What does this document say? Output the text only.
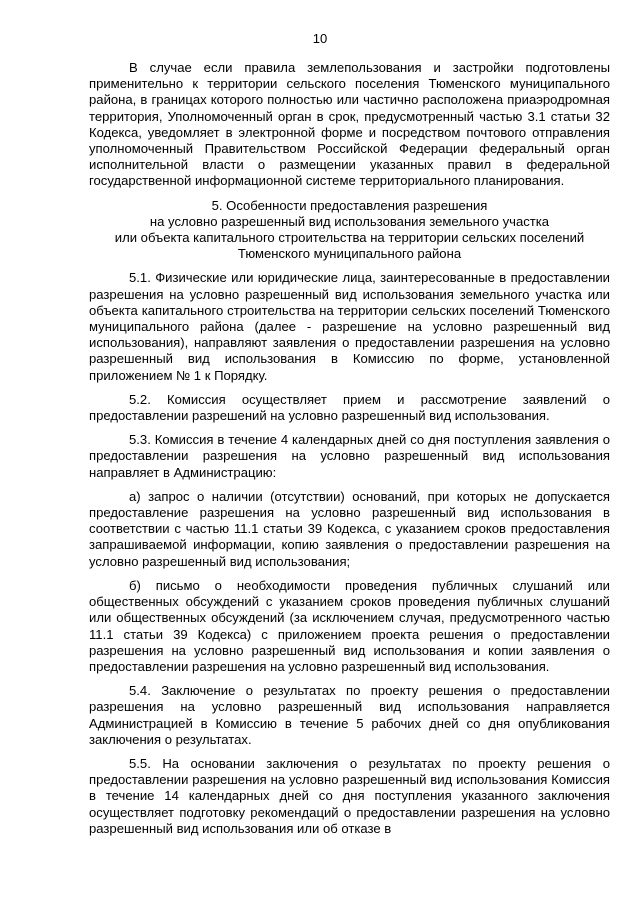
10

В случае если правила землепользования и застройки подготовлены применительно к территории сельского поселения Тюменского муниципального района, в границах которого полностью или частично расположена приаэродромная территория, Уполномоченный орган в срок, предусмотренный частью 3.1 статьи 32 Кодекса, уведомляет в электронной форме и посредством почтового отправления уполномоченный Правительством Российской Федерации федеральный орган исполнительной власти о размещении указанных правил в федеральной государственной информационной системе территориального планирования.

5. Особенности предоставления разрешения
на условно разрешенный вид использования земельного участка
или объекта капитального строительства на территории сельских поселений
Тюменского муниципального района

5.1. Физические или юридические лица, заинтересованные в предоставлении разрешения на условно разрешенный вид использования земельного участка или объекта капитального строительства на территории сельских поселений Тюменского муниципального района (далее - разрешение на условно разрешенный вид использования), направляют заявления о предоставлении разрешения на условно разрешенный вид использования в Комиссию по форме, установленной приложением № 1 к Порядку.

5.2. Комиссия осуществляет прием и рассмотрение заявлений о предоставлении разрешений на условно разрешенный вид использования.

5.3. Комиссия в течение 4 календарных дней со дня поступления заявления о предоставлении разрешения на условно разрешенный вид использования направляет в Администрацию:

а) запрос о наличии (отсутствии) оснований, при которых не допускается предоставление разрешения на условно разрешенный вид использования в соответствии с частью 11.1 статьи 39 Кодекса, с указанием сроков предоставления запрашиваемой информации, копию заявления о предоставлении разрешения на условно разрешенный вид использования;

б) письмо о необходимости проведения публичных слушаний или общественных обсуждений с указанием сроков проведения публичных слушаний или общественных обсуждений (за исключением случая, предусмотренного частью 11.1 статьи 39 Кодекса) с приложением проекта решения о предоставлении разрешения на условно разрешенный вид использования и копии заявления о предоставлении разрешения на условно разрешенный вид использования.

5.4. Заключение о результатах по проекту решения о предоставлении разрешения на условно разрешенный вид использования направляется Администрацией в Комиссию в течение 5 рабочих дней со дня опубликования заключения о результатах.

5.5. На основании заключения о результатах по проекту решения о предоставлении разрешения на условно разрешенный вид использования Комиссия в течение 14 календарных дней со дня поступления указанного заключения осуществляет подготовку рекомендаций о предоставлении разрешения на условно разрешенный вид использования или об отказе в
